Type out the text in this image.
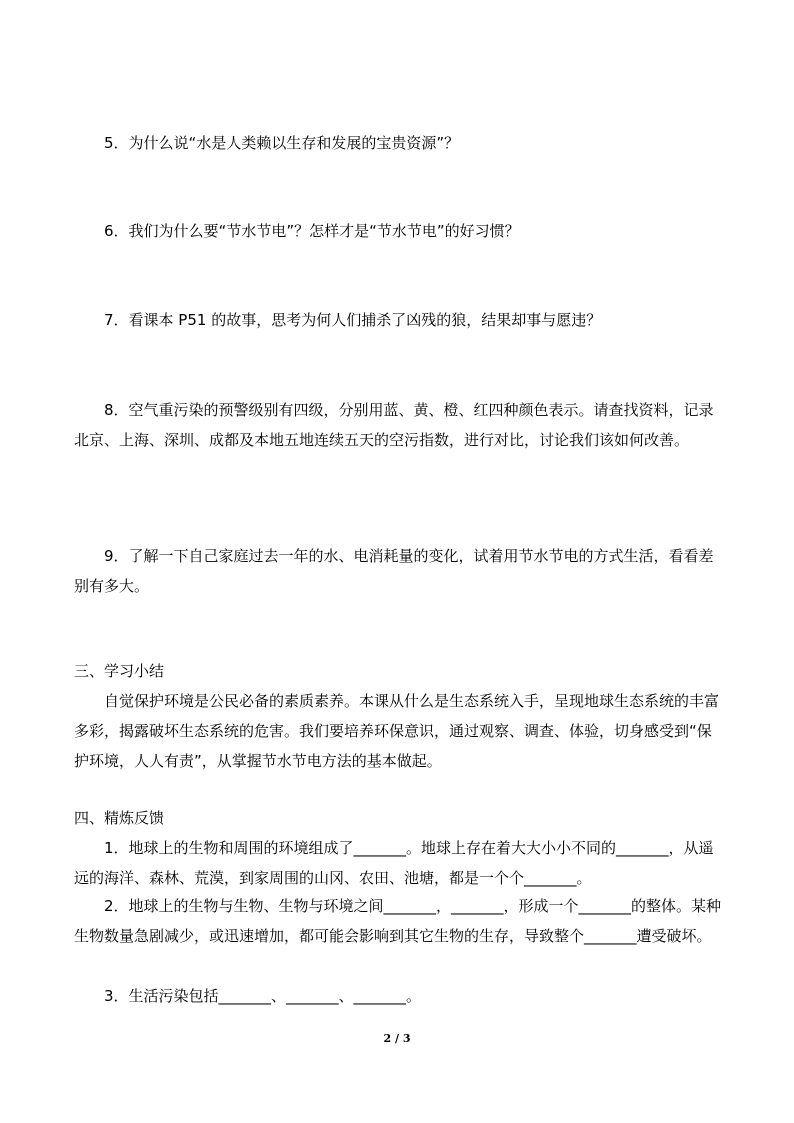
5．为什么说“水是人类赖以生存和发展的宝贵资源”？

6．我们为什么要“节水节电”？怎样才是“节水节电”的好习惯？

7．看课本 P51 的故事，思考为何人们捕杀了凶残的狼，结果却事与愿违？

8．空气重污染的预警级别有四级，分别用蓝、黄、橙、红四种颜色表示。请查找资料，记录北京、上海、深圳、成都及本地五地连续五天的空污指数，进行对比，讨论我们该如何改善。

9．了解一下自己家庭过去一年的水、电消耗量的变化，试着用节水节电的方式生活，看看差别有多大。

三、学习小结

自觉保护环境是公民必备的素质素养。本课从什么是生态系统入手，呈现地球生态系统的丰富多彩，揭露破坏生态系统的危害。我们要培养环保意识，通过观察、调查、体验，切身感受到“保护环境，人人有责”，从掌握节水节电方法的基本做起。

四、精炼反馈

1．地球上的生物和周围的环境组成了_______。地球上存在着大大小小不同的_______，从遥远的海洋、森林、荒漠，到家周围的山冈、农田、池塘，都是一个个_______。

2．地球上的生物与生物、生物与环境之间_______，_______，形成一个_______的整体。某种生物数量急剧减少，或迅速增加，都可能会影响到其它生物的生存，导致整个_______遭受破坏。

3．生活污染包括_______、_______、_______。

2 / 3
